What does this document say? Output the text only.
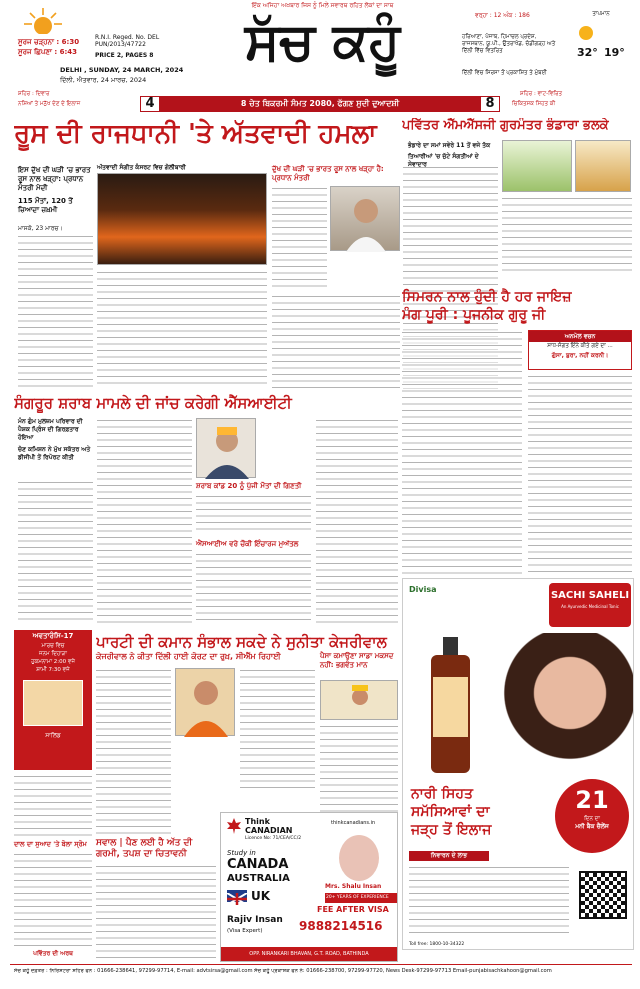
ਸੂਰਜ ਚੜ੍ਹਨਾ : 6:30
ਸੂਰਜ ਛਿਪਣਾ : 6:43
R.N.I. Reged. No. DEL PUN/2013/47722
PRICE 2, PAGES 8
DELHI , SUNDAY, 24 MARCH, 2024
ਦਿੱਲੀ, ਐਤਵਾਰ, 24 ਮਾਰਚ, 2024
ਇੱਕ ਅਜਿਹਾ ਅਖ਼ਬਾਰ ਜਿਸ ਨੂੰ ਮਿਲੇ ਸਵਾਰਥ ਰਹਿਤ ਲੋਕਾਂ ਦਾ ਸਾਥ
ਸੱਚ ਕਹੂੰ	ਵਰ੍ਹਾ : 12 ਅੰਕ : 186
ਹਰਿਆਣਾ, ਪੰਜਾਬ, ਹਿਮਾਚਲ ਪ੍ਰਦੇਸ਼, ਰਾਜਸਥਾਨ, ਯੂ.ਪੀ., ਉਤਰਾਖੰਡ, ਚੰਡੀਗੜ੍ਹ ਅਤੇ ਦਿੱਲੀ ਵਿੱਚ ਵਿਤਰਿਤ
ਦਿੱਲੀ ਵਿਚ ਸਿਰਸਾ ਤੋਂ ਪ੍ਰਕਾਸ਼ਿਤ ਤੇ ਮੁੰਬਈ
ਤਾਪਮਾਨ
32° 19°
ਸ਼ਹਿਰ : ਦਿਵਾਰ	ਸ਼ਹਿਰ : ਵਾਟ-ਵਿਰਿਤ
8 ਚੇਤ ਬਿਕਰਮੀ ਸੰਮਤ 2080, ਫੱਗਣ ਸੁਦੀ ਦੁਆਦਸ਼ੀ
4	8
ਨਸ਼ਿਆਂ ਤੇ ਮਨੁੱਖ ਦੇਣ ਦੇ ਇਲਾਜ	ਚਿਕਿਤਸਕ ਸਿਹਤ ਕੀ
ਰੂਸ ਦੀ ਰਾਜਧਾਨੀ 'ਤੇ ਅੱਤਵਾਦੀ ਹਮਲਾ
ਇਸ ਦੁੱਖ ਦੀ ਘੜੀ 'ਚ ਭਾਰਤ ਰੂਸ ਨਾਲ ਖੜ੍ਹਾ: ਪ੍ਰਧਾਨ ਮੰਤਰੀ ਮੋਦੀ
115 ਮੌਤਾਂ, 120 ਤੋਂ ਜ਼ਿਆਦਾ ਜ਼ਖ਼ਮੀ
ਮਾਸਕੋ, 23 ਮਾਰਚ।
ਅੱਤਵਾਦੀ ਸੰਗੀਤ ਕੰਸਰਟ ਵਿਚ ਗੋਲੀਬਾਰੀ	ਦੁੱਖ ਦੀ ਘੜੀ 'ਚ ਭਾਰਤ ਰੂਸ ਨਾਲ ਖੜ੍ਹਾ ਹੈ: ਪ੍ਰਧਾਨ ਮੰਤਰੀ
ਪਵਿੱਤਰ ਐੱਮਐੱਸਜੀ ਗੁਰਮੰਤਰ ਭੰਡਾਰਾ ਭਲਕੇ
ਭੰਡਾਰੇ ਦਾ ਸਮਾਂ ਸਵੇਰੇ 11 ਤੋਂ ਵਜੇ ਤੱਕ
ਤਿਆਰੀਆਂ 'ਚ ਜੁੱਟੇ ਸੰਗਤੀਆਂ ਦੇ ਸੇਵਾਦਾਰ
ਸਿਮਰਨ ਨਾਲ ਹੁੰਦੀ ਹੈ ਹਰ ਜਾਇਜ਼
ਮੰਗ ਪੂਰੀ : ਪੂਜਨੀਕ ਗੁਰੂ ਜੀ
ਅਨਮੋਲ ਵਚਨ
ਸਾਧ-ਸੰਗਤ ਇੰਨੇ ਕੀਤੇ ਗਏ ਦਾ ...
ਗੁੱਸਾ, ਬੁਰਾ, ਨਹੀਂ ਕਰਨੀ।
ਸੰਗਰੂਰ ਸ਼ਰਾਬ ਮਾਮਲੇ ਦੀ ਜਾਂਚ ਕਰੇਗੀ ਐੱਸਆਈਟੀ
ਮੰਨ ਗੁੰਮ ਮੁਲਜ਼ਮ ਪਰਿਵਾਰ ਦੀ ਪੈਸ਼ਕ ਪ੍ਰਿੰਸ ਦੀ ਗਿਰਫ਼ਤਾਰ ਹੋਇਆ
ਚੋਣ ਕਮਿਸ਼ਨ ਨੇ ਮੁੱਖ ਸਕੱਤਰ ਅਤੇ ਡੀਜੀਪੀ ਤੋਂ ਰਿਪੋਰਟ ਕੀਤੀ
ਸ਼ਰਾਬ ਕਾਂਡ 20 ਨੂੰ ਪੁੱਜੀ ਮੌਤਾਂ ਦੀ ਗਿਣਤੀ
ਐਂਸਆਈਅ ਵਰੇ ਚੌਕੀ ਇੰਚਾਰਜ ਮੁਅੱਤਲ
ਅਵਤਾਰੰਸਿ-17
ਮਾਰਚ ਵਿਚ
ਜਨਮ ਦਿਹਾੜਾ
ਹੁਕਮਨਾਮਾ 2:00 ਵਜੇ
ਸ਼ਾਮੀ 7:30 ਵਜੇ
ਸਾਲਿਡ
ਪਾਰਟੀ ਦੀ ਕਮਾਨ ਸੰਭਾਲ ਸਕਦੇ ਨੇ ਸੁਨੀਤਾ ਕੇਜਰੀਵਾਲ
ਕੇਜਰੀਵਾਲ ਨੇ ਕੀਤਾ ਦਿੱਲੀ ਹਾਈ ਕੋਰਟ ਦਾ ਰੁਖ਼, ਸੀਐੱਮ ਰਿਹਾਈ	ਪੈਸਾ ਕਮਾਉਣਾ ਸਾਡਾ ਮਕਸਦ ਨਹੀਂ: ਭਗਵੰਤ ਮਾਨ
ਸਵਾਲ | ਪੈਣ ਲਈ ਹੈ ਅੱਤ ਦੀ ਗਰਮੀ, ਤਪਸ਼ ਦਾ ਚਿਤਾਵਨੀ
ਦਾਲ ਦਾ ਸੁਆਦ 'ਤੇ ਬੋਲਾ ਸ੍ਰੋਮ
ਪਵਿੱਤਰ ਦੀ ਅਰਥ
Think CANADIAN
Licence No: 71/CEA/CC/2
thinkcanadians.in
Study in
CANADA
AUSTRALIA
UK
Rajiv Insan
(Visa Expert)
Mrs. Shalu Insan
20+ YEARS OF EXPERIENCE
FEE AFTER VISA
9888214516
OPP. NIRANKARI BHAVAN, G.T. ROAD, BATHINDA
Divisa
SACHI SAHELI
An Ayurvedic Medicinal Tonic
ਨਾਰੀ ਸਿਹਤ
ਸਮੱਸਿਆਵਾਂ ਦਾ
ਜੜ੍ਹ ਤੋਂ ਇਲਾਜ
21
ਦਿਨ ਦਾ
ਮਨੀ ਬੈਕ ਚੈਲੇਂਜ
ਨਿਵਾਰਨ ਦੇ ਲਾਭ
Toll free: 1800-10-34322
ਸੰਚ ਕਹੂੰ ਦਫ਼ਤਰ : ਨਿਰਿਸ਼ਟਰਾ ਸ਼ਹਿਰ ਫੋਨ : 01666-238641, 97299-97714, E-mail: advtsirsa@gmail.com ਸੱਚ ਕਹੂੰ ਪ੍ਰਕਾਸ਼ਕ ਫੋਨ ਨੰ: 01666-238700, 97299-97720, News Desk-97299-97713 Email-punjabisachkahoon@gmail.com
